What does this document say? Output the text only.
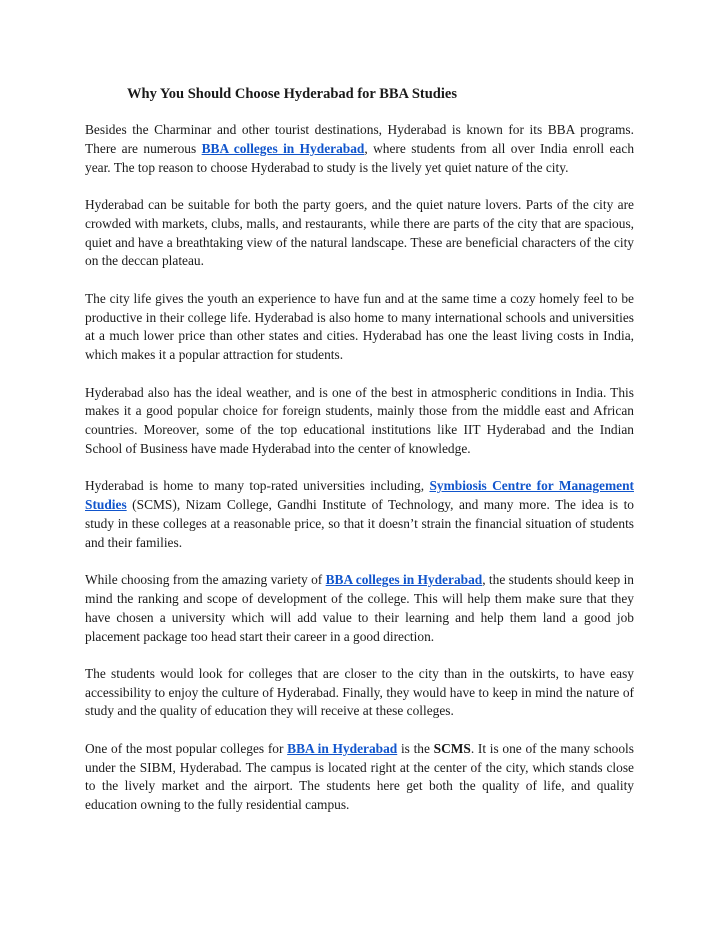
Why You Should Choose Hyderabad for BBA Studies

Besides the Charminar and other tourist destinations, Hyderabad is known for its BBA programs. There are numerous BBA colleges in Hyderabad, where students from all over India enroll each year. The top reason to choose Hyderabad to study is the lively yet quiet nature of the city.

Hyderabad can be suitable for both the party goers, and the quiet nature lovers. Parts of the city are crowded with markets, clubs, malls, and restaurants, while there are parts of the city that are spacious, quiet and have a breathtaking view of the natural landscape. These are beneficial characters of the city on the deccan plateau.

The city life gives the youth an experience to have fun and at the same time a cozy homely feel to be productive in their college life. Hyderabad is also home to many international schools and universities at a much lower price than other states and cities. Hyderabad has one the least living costs in India, which makes it a popular attraction for students.

Hyderabad also has the ideal weather, and is one of the best in atmospheric conditions in India. This makes it a good popular choice for foreign students, mainly those from the middle east and African countries. Moreover, some of the top educational institutions like IIT Hyderabad and the Indian School of Business have made Hyderabad into the center of knowledge.

Hyderabad is home to many top-rated universities including, Symbiosis Centre for Management Studies (SCMS), Nizam College, Gandhi Institute of Technology, and many more. The idea is to study in these colleges at a reasonable price, so that it doesn’t strain the financial situation of students and their families.

While choosing from the amazing variety of BBA colleges in Hyderabad, the students should keep in mind the ranking and scope of development of the college. This will help them make sure that they have chosen a university which will add value to their learning and help them land a good job placement package too head start their career in a good direction.

The students would look for colleges that are closer to the city than in the outskirts, to have easy accessibility to enjoy the culture of Hyderabad. Finally, they would have to keep in mind the nature of study and the quality of education they will receive at these colleges.

One of the most popular colleges for BBA in Hyderabad is the SCMS. It is one of the many schools under the SIBM, Hyderabad. The campus is located right at the center of the city, which stands close to the lively market and the airport. The students here get both the quality of life, and quality education owning to the fully residential campus.
